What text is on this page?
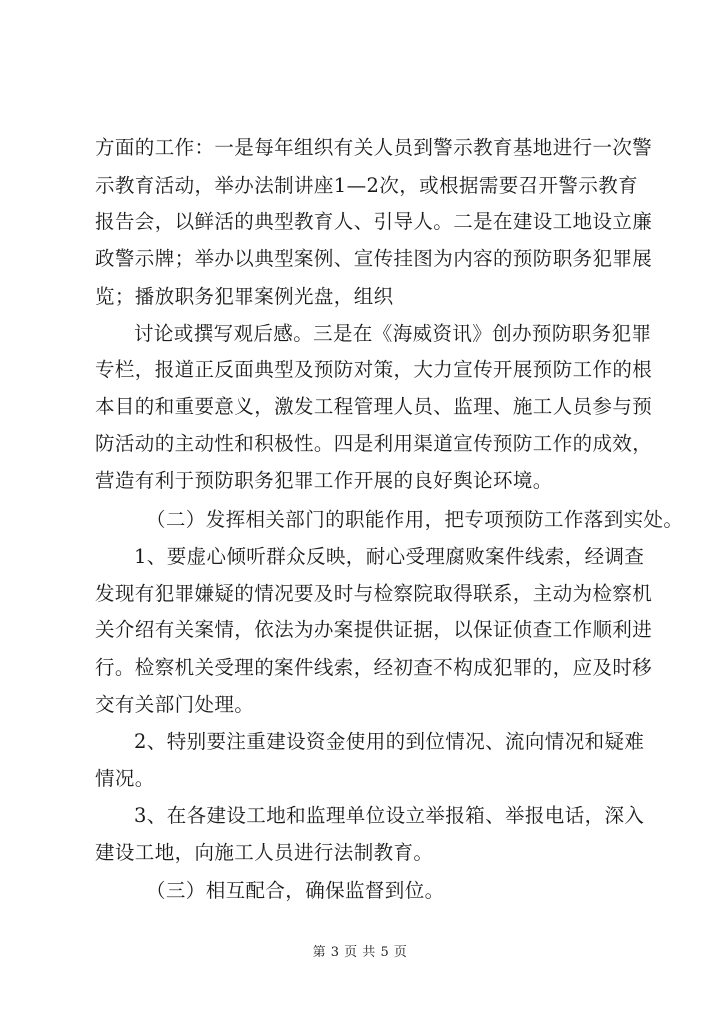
方面的工作：一是每年组织有关人员到警示教育基地进行一次警
示教育活动，举办法制讲座1—2次，或根据需要召开警示教育
报告会，以鲜活的典型教育人、引导人。二是在建设工地设立廉
政警示牌；举办以典型案例、宣传挂图为内容的预防职务犯罪展
览；播放职务犯罪案例光盘，组织
讨论或撰写观后感。三是在《海威资讯》创办预防职务犯罪
专栏，报道正反面典型及预防对策，大力宣传开展预防工作的根
本目的和重要意义，激发工程管理人员、监理、施工人员参与预
防活动的主动性和积极性。四是利用渠道宣传预防工作的成效，
营造有利于预防职务犯罪工作开展的良好舆论环境。
（二）发挥相关部门的职能作用，把专项预防工作落到实处。
1、要虚心倾听群众反映，耐心受理腐败案件线索，经调查
发现有犯罪嫌疑的情况要及时与检察院取得联系，主动为检察机
关介绍有关案情，依法为办案提供证据，以保证侦查工作顺利进
行。检察机关受理的案件线索，经初查不构成犯罪的，应及时移
交有关部门处理。
2、特别要注重建设资金使用的到位情况、流向情况和疑难
情况。
3、在各建设工地和监理单位设立举报箱、举报电话，深入
建设工地，向施工人员进行法制教育。
（三）相互配合，确保监督到位。
第 3 页 共 5 页
